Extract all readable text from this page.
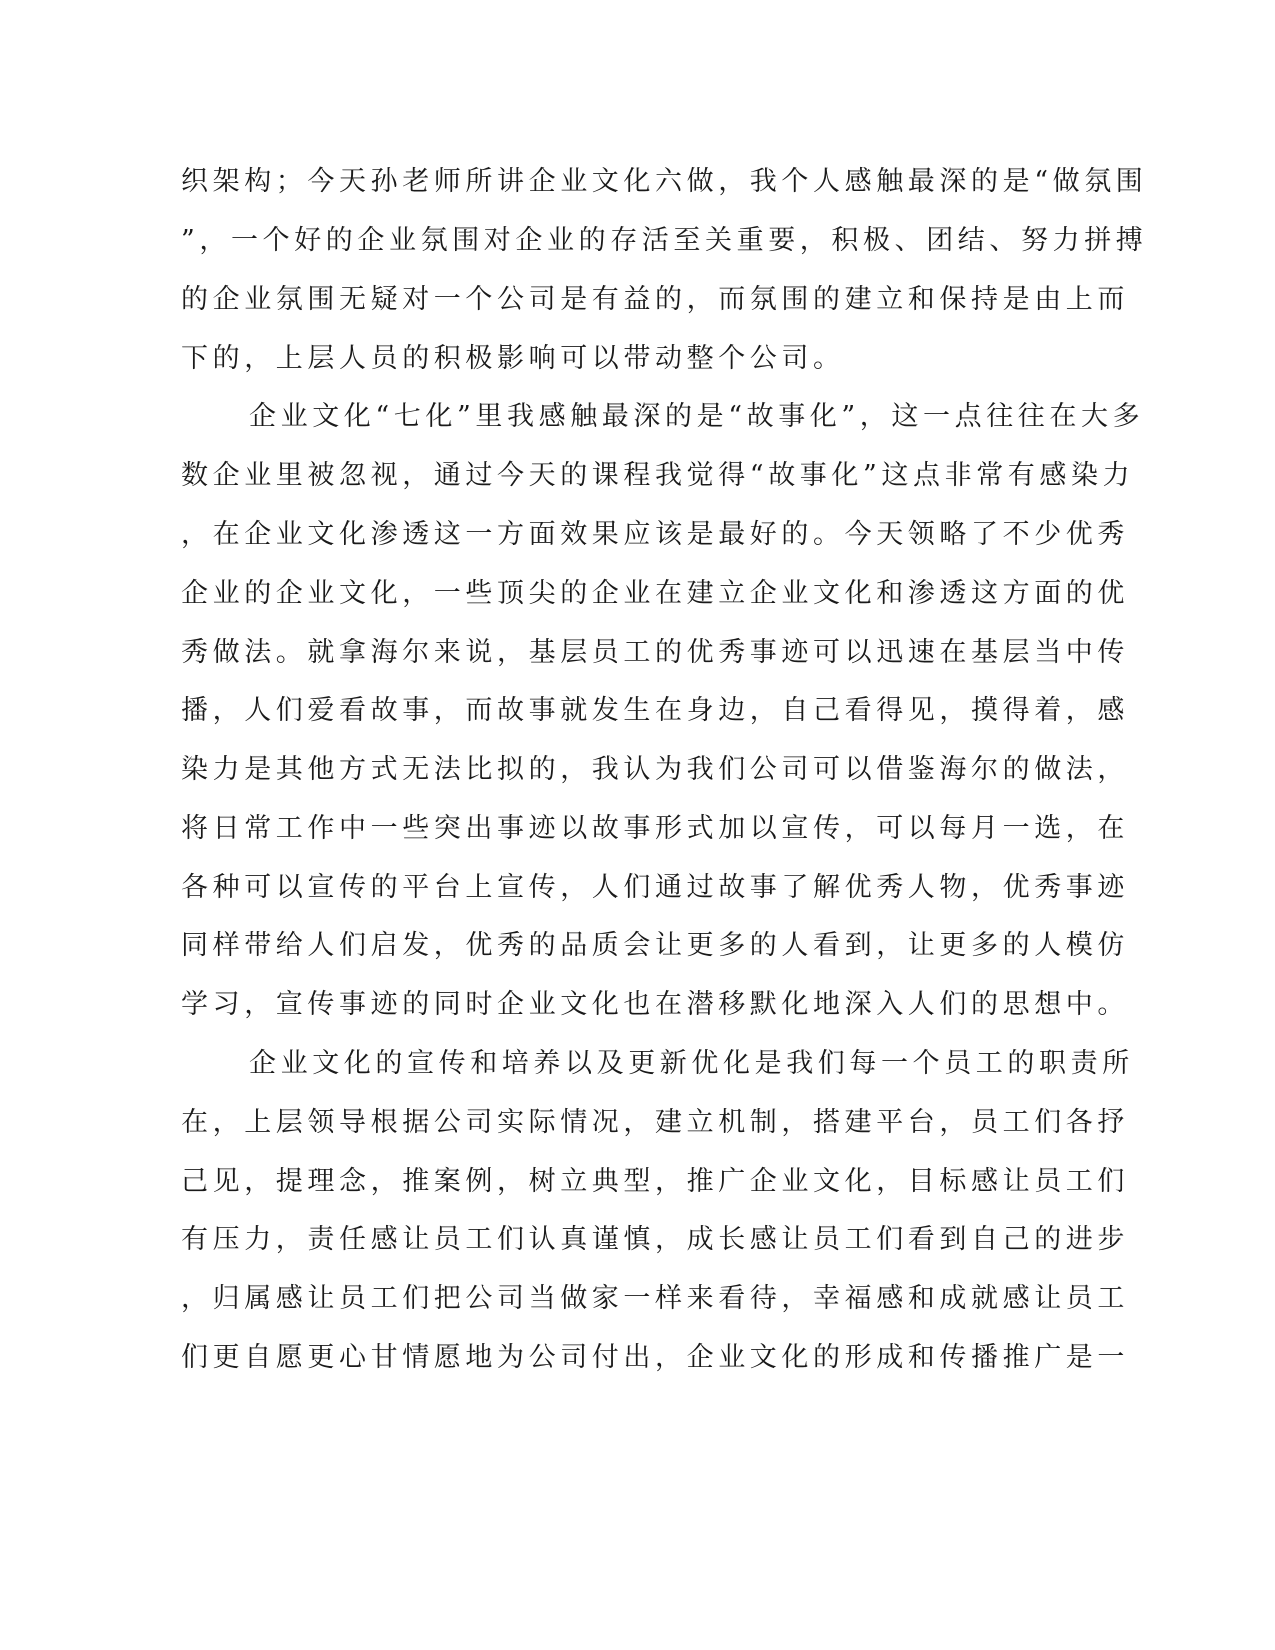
织架构；今天孙老师所讲企业文化六做，我个人感触最深的是“做氛围
”，一个好的企业氛围对企业的存活至关重要，积极、团结、努力拼搏
的企业氛围无疑对一个公司是有益的，而氛围的建立和保持是由上而
下的，上层人员的积极影响可以带动整个公司。
企业文化“七化”里我感触最深的是“故事化”，这一点往往在大多
数企业里被忽视，通过今天的课程我觉得“故事化”这点非常有感染力
，在企业文化渗透这一方面效果应该是最好的。今天领略了不少优秀
企业的企业文化，一些顶尖的企业在建立企业文化和渗透这方面的优
秀做法。就拿海尔来说，基层员工的优秀事迹可以迅速在基层当中传
播，人们爱看故事，而故事就发生在身边，自己看得见，摸得着，感
染力是其他方式无法比拟的，我认为我们公司可以借鉴海尔的做法，
将日常工作中一些突出事迹以故事形式加以宣传，可以每月一选，在
各种可以宣传的平台上宣传，人们通过故事了解优秀人物，优秀事迹
同样带给人们启发，优秀的品质会让更多的人看到，让更多的人模仿
学习，宣传事迹的同时企业文化也在潜移默化地深入人们的思想中。
企业文化的宣传和培养以及更新优化是我们每一个员工的职责所
在，上层领导根据公司实际情况，建立机制，搭建平台，员工们各抒
己见，提理念，推案例，树立典型，推广企业文化，目标感让员工们
有压力，责任感让员工们认真谨慎，成长感让员工们看到自己的进步
，归属感让员工们把公司当做家一样来看待，幸福感和成就感让员工
们更自愿更心甘情愿地为公司付出，企业文化的形成和传播推广是一
